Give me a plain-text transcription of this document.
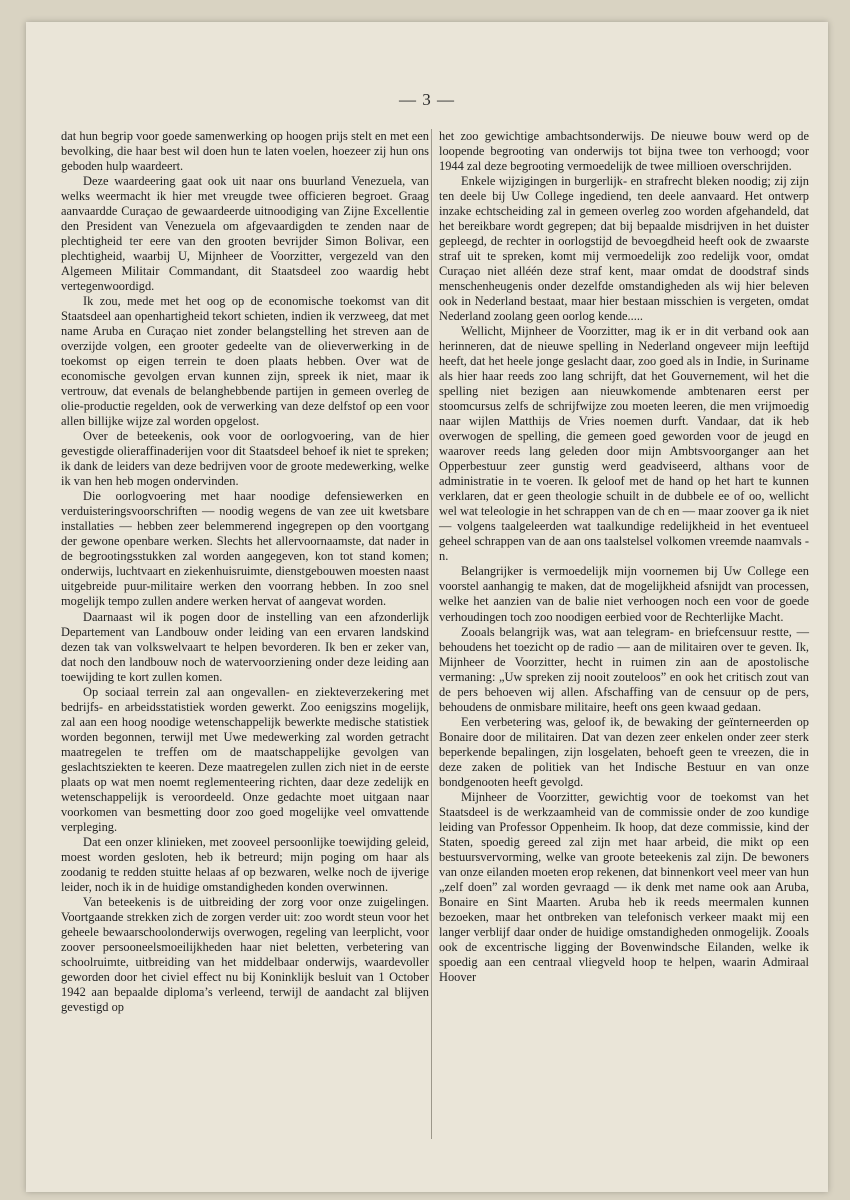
— 3 —

dat hun begrip voor goede samenwerking op hoogen prijs stelt en met een bevolking, die haar best wil doen hun te laten voelen, hoezeer zij hun ons geboden hulp waardeert.

Deze waardeering gaat ook uit naar ons buurland Venezuela, van welks weermacht ik hier met vreugde twee officieren begroet. Graag aanvaardde Curaçao de gewaardeerde uitnoodiging van Zijne Excellentie den President van Venezuela om afgevaardigden te zenden naar de plechtigheid ter eere van den grooten bevrijder Simon Bolivar, een plechtigheid, waarbij U, Mijnheer de Voorzitter, vergezeld van den Algemeen Militair Commandant, dit Staatsdeel zoo waardig hebt vertegenwoordigd.

Ik zou, mede met het oog op de economische toekomst van dit Staatsdeel aan openhartigheid tekort schieten, indien ik verzweeg, dat met name Aruba en Curaçao niet zonder belangstelling het streven aan de overzijde volgen, een grooter gedeelte van de olieverwerking in de toekomst op eigen terrein te doen plaats hebben. Over wat de economische gevolgen ervan kunnen zijn, spreek ik niet, maar ik vertrouw, dat evenals de belanghebbende partijen in gemeen overleg de olie-productie regelden, ook de verwerking van deze delfstof op een voor allen billijke wijze zal worden opgelost.

Over de beteekenis, ook voor de oorlogvoering, van de hier gevestigde olieraffinaderijen voor dit Staatsdeel behoef ik niet te spreken; ik dank de leiders van deze bedrijven voor de groote medewerking, welke ik van hen heb mogen ondervinden.

Die oorlogvoering met haar noodige defensiewerken en verduisteringsvoorschriften — noodig wegens de van zee uit kwetsbare installaties — hebben zeer belemmerend ingegrepen op den voortgang der gewone openbare werken. Slechts het allervoornaamste, dat nader in de begrootingsstukken zal worden aangegeven, kon tot stand komen; onderwijs, luchtvaart en ziekenhuisruimte, dienstgebouwen moesten naast uitgebreide puur-militaire werken den voorrang hebben. In zoo snel mogelijk tempo zullen andere werken hervat of aangevat worden.

Daarnaast wil ik pogen door de instelling van een afzonderlijk Departement van Landbouw onder leiding van een ervaren landskind dezen tak van volkswelvaart te helpen bevorderen. Ik ben er zeker van, dat noch den landbouw noch de watervoorziening onder deze leiding aan toewijding te kort zullen komen.

Op sociaal terrein zal aan ongevallen- en ziekteverzekering met bedrijfs- en arbeidsstatistiek worden gewerkt. Zoo eenigszins mogelijk, zal aan een hoog noodige wetenschappelijk bewerkte medische statistiek worden begonnen, terwijl met Uwe medewerking zal worden getracht maatregelen te treffen om de maatschappelijke gevolgen van geslachtsziekten te keeren. Deze maatregelen zullen zich niet in de eerste plaats op wat men noemt reglementeering richten, daar deze zedelijk en wetenschappelijk is veroordeeld. Onze gedachte moet uitgaan naar voorkomen van besmetting door zoo goed mogelijke veel omvattende verpleging.

Dat een onzer klinieken, met zooveel persoonlijke toewijding geleid, moest worden gesloten, heb ik betreurd; mijn poging om haar als zoodanig te redden stuitte helaas af op bezwaren, welke noch de ijverige leider, noch ik in de huidige omstandigheden konden overwinnen.

Van beteekenis is de uitbreiding der zorg voor onze zuigelingen. Voortgaande strekken zich de zorgen verder uit: zoo wordt steun voor het geheele bewaarschoolonderwijs overwogen, regeling van leerplicht, voor zoover persooneelsmoeilijkheden haar niet beletten, verbetering van schoolruimte, uitbreiding van het middelbaar onderwijs, waardevoller geworden door het civiel effect nu bij Koninklijk besluit van 1 October 1942 aan bepaalde diploma’s verleend, terwijl de aandacht zal blijven gevestigd op

het zoo gewichtige ambachtsonderwijs. De nieuwe bouw werd op de loopende begrooting van onderwijs tot bijna twee ton verhoogd; voor 1944 zal deze begrooting vermoedelijk de twee millioen overschrijden.

Enkele wijzigingen in burgerlijk- en strafrecht bleken noodig; zij zijn ten deele bij Uw College ingediend, ten deele aanvaard. Het ontwerp inzake echtscheiding zal in gemeen overleg zoo worden afgehandeld, dat het bereikbare wordt gegrepen; dat bij bepaalde misdrijven in het duister gepleegd, de rechter in oorlogstijd de bevoegdheid heeft ook de zwaarste straf uit te spreken, komt mij vermoedelijk zoo redelijk voor, omdat Curaçao niet alléén deze straf kent, maar omdat de doodstraf sinds menschenheugenis onder dezelfde omstandigheden als wij hier beleven ook in Nederland bestaat, maar hier bestaan misschien is vergeten, omdat Nederland zoolang geen oorlog kende.....

Wellicht, Mijnheer de Voorzitter, mag ik er in dit verband ook aan herinneren, dat de nieuwe spelling in Nederland ongeveer mijn leeftijd heeft, dat het heele jonge geslacht daar, zoo goed als in Indie, in Suriname als hier haar reeds zoo lang schrijft, dat het Gouvernement, wil het die spelling niet bezigen aan nieuwkomende ambtenaren eerst per stoomcursus zelfs de schrijfwijze zou moeten leeren, die men vrijmoedig naar wijlen Matthijs de Vries noemen durft. Vandaar, dat ik heb overwogen de spelling, die gemeen goed geworden voor de jeugd en waarover reeds lang geleden door mijn Ambtsvoorganger aan het Opperbestuur zeer gunstig werd geadviseerd, althans voor de administratie in te voeren. Ik geloof met de hand op het hart te kunnen verklaren, dat er geen theologie schuilt in de dubbele ee of oo, wellicht wel wat teleologie in het schrappen van de ch en — maar zoover ga ik niet — volgens taalgeleerden wat taalkundige redelijkheid in het eventueel geheel schrappen van de aan ons taalstelsel volkomen vreemde naamvals -n.

Belangrijker is vermoedelijk mijn voornemen bij Uw College een voorstel aanhangig te maken, dat de mogelijkheid afsnijdt van processen, welke het aanzien van de balie niet verhoogen noch een voor de goede verhoudingen toch zoo noodigen eerbied voor de Rechterlijke Macht.

Zooals belangrijk was, wat aan telegram- en briefcensuur restte, — behoudens het toezicht op de radio — aan de militairen over te geven. Ik, Mijnheer de Voorzitter, hecht in ruimen zin aan de apostolische vermaning: „Uw spreken zij nooit zouteloos” en ook het critisch zout van de pers behoeven wij allen. Afschaffing van de censuur op de pers, behoudens de onmisbare militaire, heeft ons geen kwaad gedaan.

Een verbetering was, geloof ik, de bewaking der geïnterneerden op Bonaire door de militairen. Dat van dezen zeer enkelen onder zeer sterk beperkende bepalingen, zijn losgelaten, behoeft geen te vreezen, die in deze zaken de politiek van het Indische Bestuur en van onze bondgenooten heeft gevolgd.

Mijnheer de Voorzitter, gewichtig voor de toekomst van het Staatsdeel is de werkzaamheid van de commissie onder de zoo kundige leiding van Professor Oppenheim. Ik hoop, dat deze commissie, kind der Staten, spoedig gereed zal zijn met haar arbeid, die mikt op een bestuursvervorming, welke van groote beteekenis zal zijn. De bewoners van onze eilanden moeten erop rekenen, dat binnenkort veel meer van hun „zelf doen” zal worden gevraagd — ik denk met name ook aan Aruba, Bonaire en Sint Maarten. Aruba heb ik reeds meermalen kunnen bezoeken, maar het ontbreken van telefonisch verkeer maakt mij een langer verblijf daar onder de huidige omstandigheden onmogelijk. Zooals ook de excentrische ligging der Bovenwindsche Eilanden, welke ik spoedig aan een centraal vliegveld hoop te helpen, waarin Admiraal Hoover
